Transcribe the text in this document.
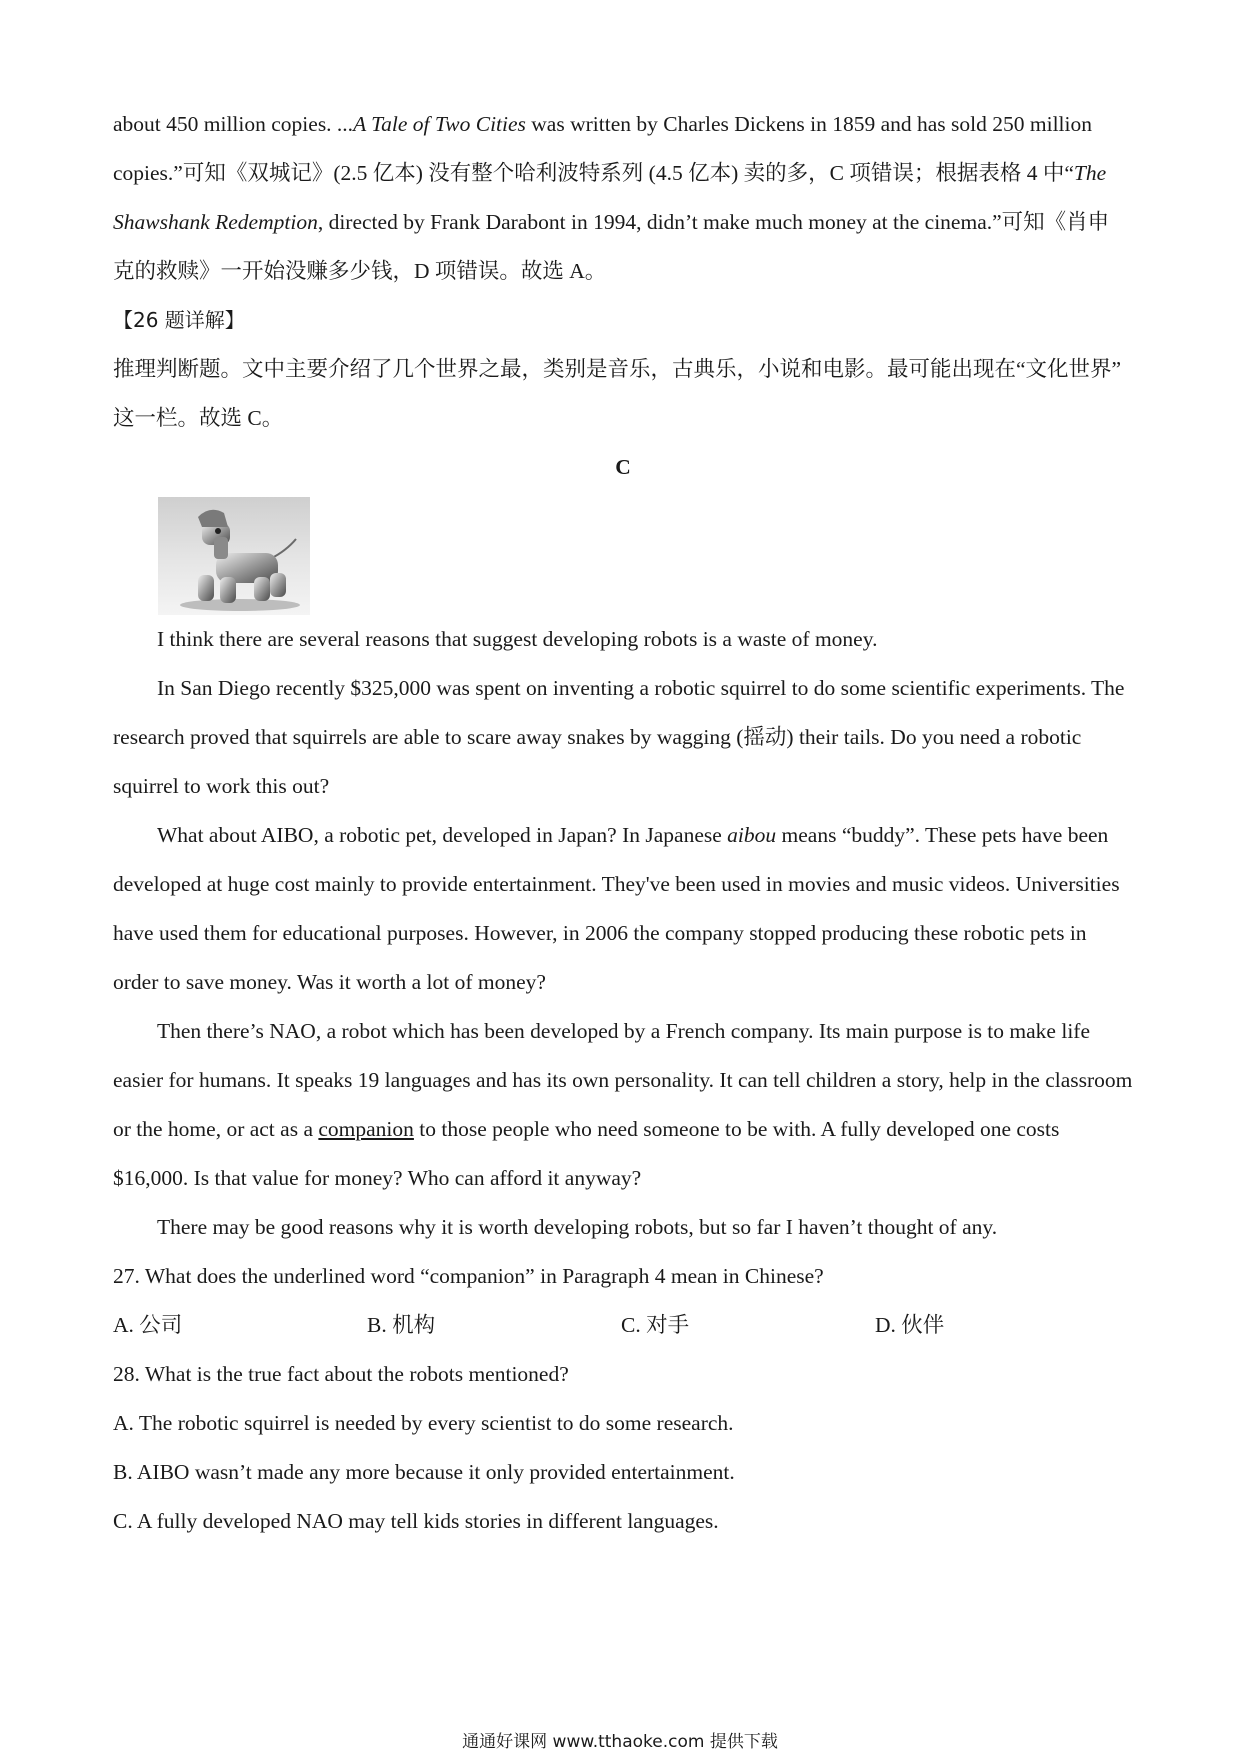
about 450 million copies. ...A Tale of Two Cities was written by Charles Dickens in 1859 and has sold 250 million

copies.”可知《双城记》(2.5 亿本) 没有整个哈利波特系列 (4.5 亿本) 卖的多，C 项错误；根据表格 4 中“The

Shawshank Redemption, directed by Frank Darabont in 1994, didn’t make much money at the cinema.”可知《肖申

克的救赎》一开始没赚多少钱，D 项错误。故选 A。

【26 题详解】

推理判断题。文中主要介绍了几个世界之最，类别是音乐，古典乐，小说和电影。最可能出现在“文化世界”

这一栏。故选 C。

C

I think there are several reasons that suggest developing robots is a waste of money.

In San Diego recently $325,000 was spent on inventing a robotic squirrel to do some scientific experiments. The

research proved that squirrels are able to scare away snakes by wagging (摇动) their tails. Do you need a robotic

squirrel to work this out?

What about AIBO, a robotic pet, developed in Japan? In Japanese aibou means “buddy”. These pets have been

developed at huge cost mainly to provide entertainment. They've been used in movies and music videos. Universities

have used them for educational purposes. However, in 2006 the company stopped producing these robotic pets in

order to save money. Was it worth a lot of money?

Then there’s NAO, a robot which has been developed by a French company. Its main purpose is to make life

easier for humans. It speaks 19 languages and has its own personality. It can tell children a story, help in the classroom

or the home, or act as a companion to those people who need someone to be with. A fully developed one costs

$16,000. Is that value for money? Who can afford it anyway?

There may be good reasons why it is worth developing robots, but so far I haven’t thought of any.

27. What does the underlined word “companion” in Paragraph 4 mean in Chinese?

A. 公司	B. 机构	C. 对手	D. 伙伴

28. What is the true fact about the robots mentioned?

A. The robotic squirrel is needed by every scientist to do some research.

B. AIBO wasn’t made any more because it only provided entertainment.

C. A fully developed NAO may tell kids stories in different languages.

通通好课网 www.tthaoke.com 提供下载
